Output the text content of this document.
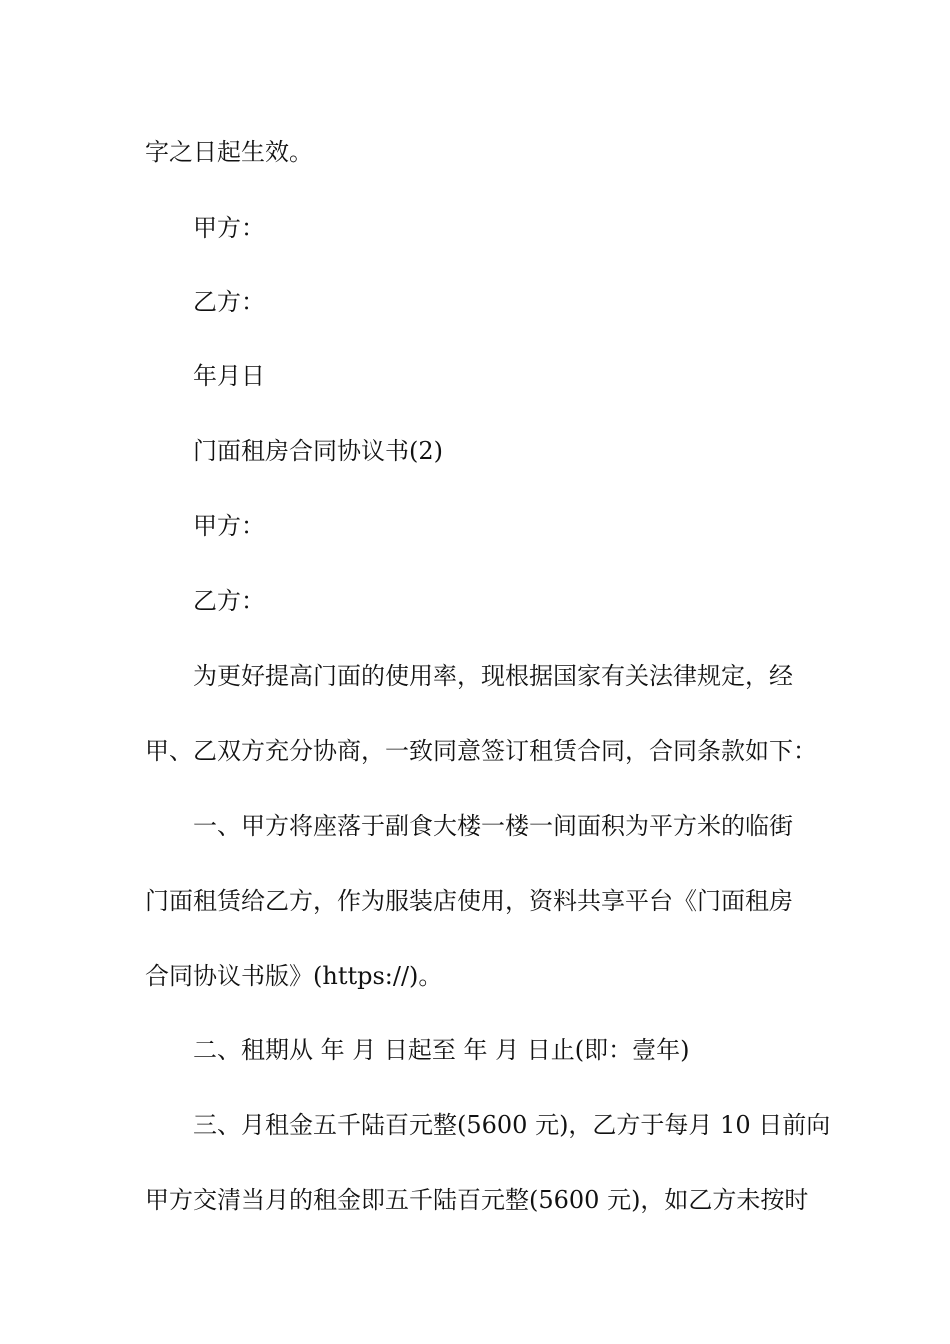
字之日起生效。
甲方：
乙方：
年月日
门面租房合同协议书(2)
甲方：
乙方：
为更好提高门面的使用率，现根据国家有关法律规定，经
甲、乙双方充分协商，一致同意签订租赁合同，合同条款如下：
一、甲方将座落于副食大楼一楼一间面积为平方米的临街
门面租赁给乙方，作为服装店使用，资料共享平台《门面租房
合同协议书版》(https://)。
二、租期从 年 月 日起至 年 月 日止(即：壹年)
三、月租金五千陆百元整(5600 元)，乙方于每月 10 日前向
甲方交清当月的租金即五千陆百元整(5600 元)，如乙方未按时
